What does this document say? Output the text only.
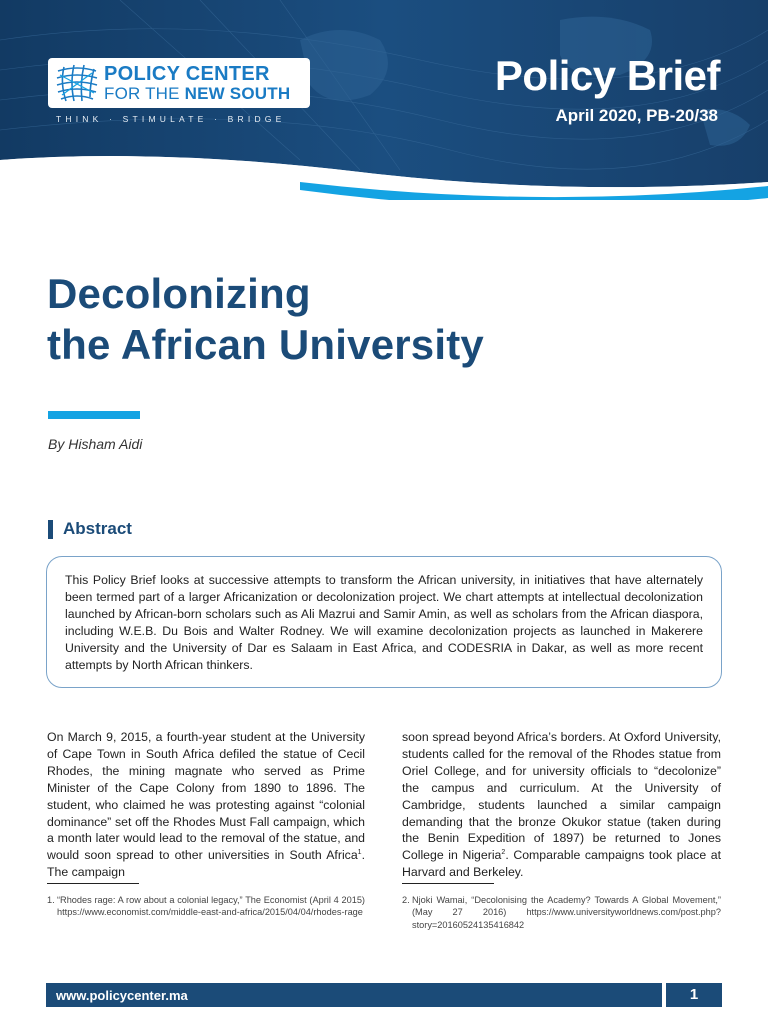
POLICY CENTER
FOR THE NEW SOUTH
THINK · STIMULATE · BRIDGE
Policy Brief
April 2020, PB-20/38
Decolonizing
the African University
By Hisham Aidi
Abstract

This Policy Brief looks at successive attempts to transform the African university, in initiatives that have alternately been termed part of a larger Africanization or decolonization project. We chart attempts at intellectual decolonization launched by African-born scholars such as Ali Mazrui and Samir Amin, as well as scholars from the African diaspora, including W.E.B. Du Bois and Walter Rodney. We will examine decolonization projects as launched in Makerere University and the University of Dar es Salaam in East Africa, and CODESRIA in Dakar, as well as more recent attempts by North African thinkers.

On March 9, 2015, a fourth-year student at the University of Cape Town in South Africa defiled the statue of Cecil Rhodes, the mining magnate who served as Prime Minister of the Cape Colony from 1890 to 1896. The student, who claimed he was protesting against “colonial dominance” set off the Rhodes Must Fall campaign, which a month later would lead to the removal of the statue, and would soon spread to other universities in South Africa$^1$. The campaign
soon spread beyond Africa’s borders. At Oxford University, students called for the removal of the Rhodes statue from Oriel College, and for university officials to “decolonize” the campus and curriculum. At the University of Cambridge, students launched a similar campaign demanding that the bronze Okukor statue (taken during the Benin Expedition of 1897) be returned to Jones College in Nigeria$^2$. Comparable campaigns took place at Harvard and Berkeley.
1. “Rhodes rage: A row about a colonial legacy,” The Economist (April 4 2015) https://www.economist.com/middle-east-and-africa/2015/04/04/rhodes-rage
2. Njoki Wamai, “Decolonising the Academy? Towards A Global Movement,” (May 27 2016) https://www.universityworldnews.com/post.php?story=20160524135416842
www.policycenter.ma	1
